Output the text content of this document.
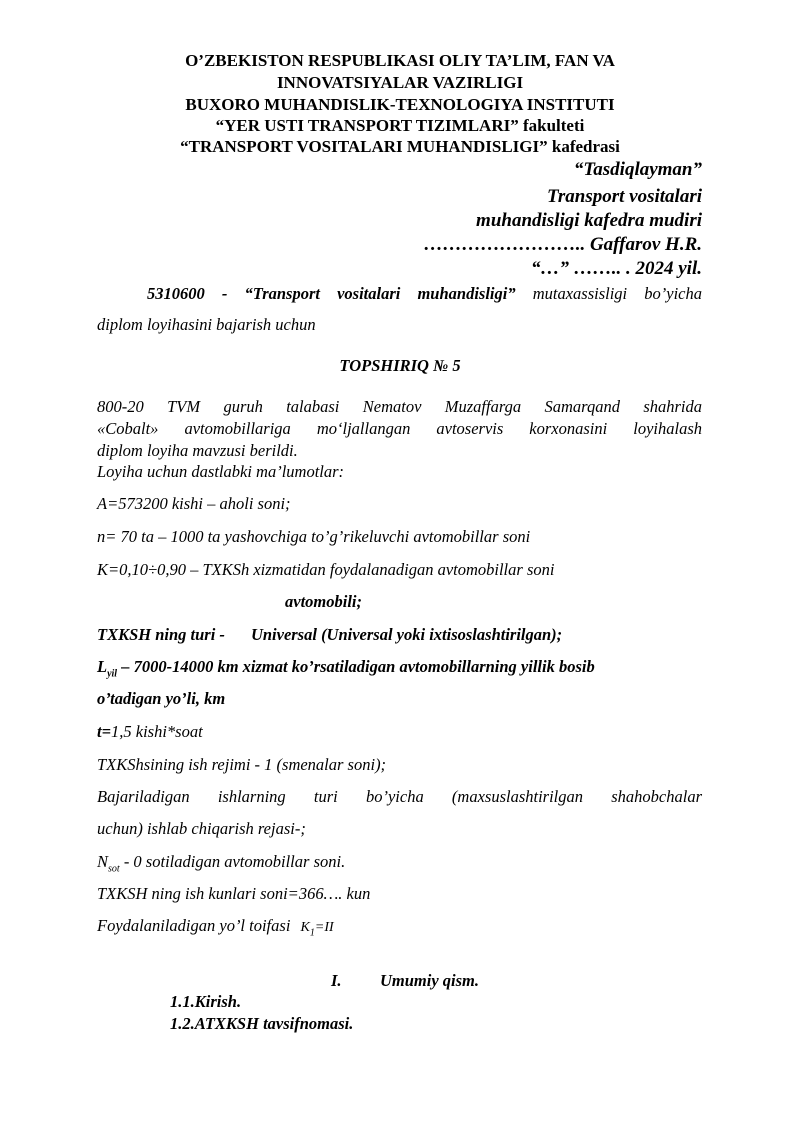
O’ZBEKISTON RESPUBLIKASI OLIY TA’LIM, FAN VA
INNOVATSIYALAR VAZIRLIGI
BUXORO MUHANDISLIK-TEXNOLOGIYA INSTITUTI
“YER USTI TRANSPORT TIZIMLARI” fakulteti
“TRANSPORT VOSITALARI MUHANDISLIGI” kafedrasi
“Tasdiqlayman”
Transport vositalari
muhandisligi kafedra mudiri
…………………….. Gaffarov H.R.
“…” …….. . 2024 yil.
5310600 - “Transport vositalari muhandisligi” mutaxassisligi bo’yicha
diplom loyihasini bajarish uchun
TOPSHIRIQ № 5
800-20 TVM guruh talabasi Nematov Muzaffarga Samarqand shahrida
«Cobalt» avtomobillariga mo‘ljallangan avtoservis korxonasini loyihalash
diplom loyiha mavzusi berildi.
Loyiha uchun dastlabki ma’lumotlar:
A=573200 kishi – aholi soni;
n= 70 ta – 1000 ta yashovchiga to’g’rikeluvchi avtomobillar soni
K=0,10÷0,90 – TXKSh xizmatidan foydalanadigan avtomobillar soni
avtomobili;
TXKSH ning turi - Universal (Universal yoki ixtisoslashtirilgan);
$L_{yil} - 7000-14000$ km xizmat ko’rsatiladigan avtomobillarning yillik bosib
o’tadigan yo’li, km
t=1,5 kishi*soat
TXKShsining ish rejimi - 1 (smenalar soni);
Bajariladigan ishlarning turi bo’yicha (maxsuslashtirilgan shahobchalar
uchun) ishlab chiqarish rejasi-;
$N_{sot} - 0$ sotiladigan avtomobillar soni.
TXKSH ning ish kunlari soni=366…. kun
Foydalaniladigan yo’l toifasi $K_1=II$
I. Umumiy qism.
1.1.Kirish.
1.2.ATXKSH tavsifnomasi.
